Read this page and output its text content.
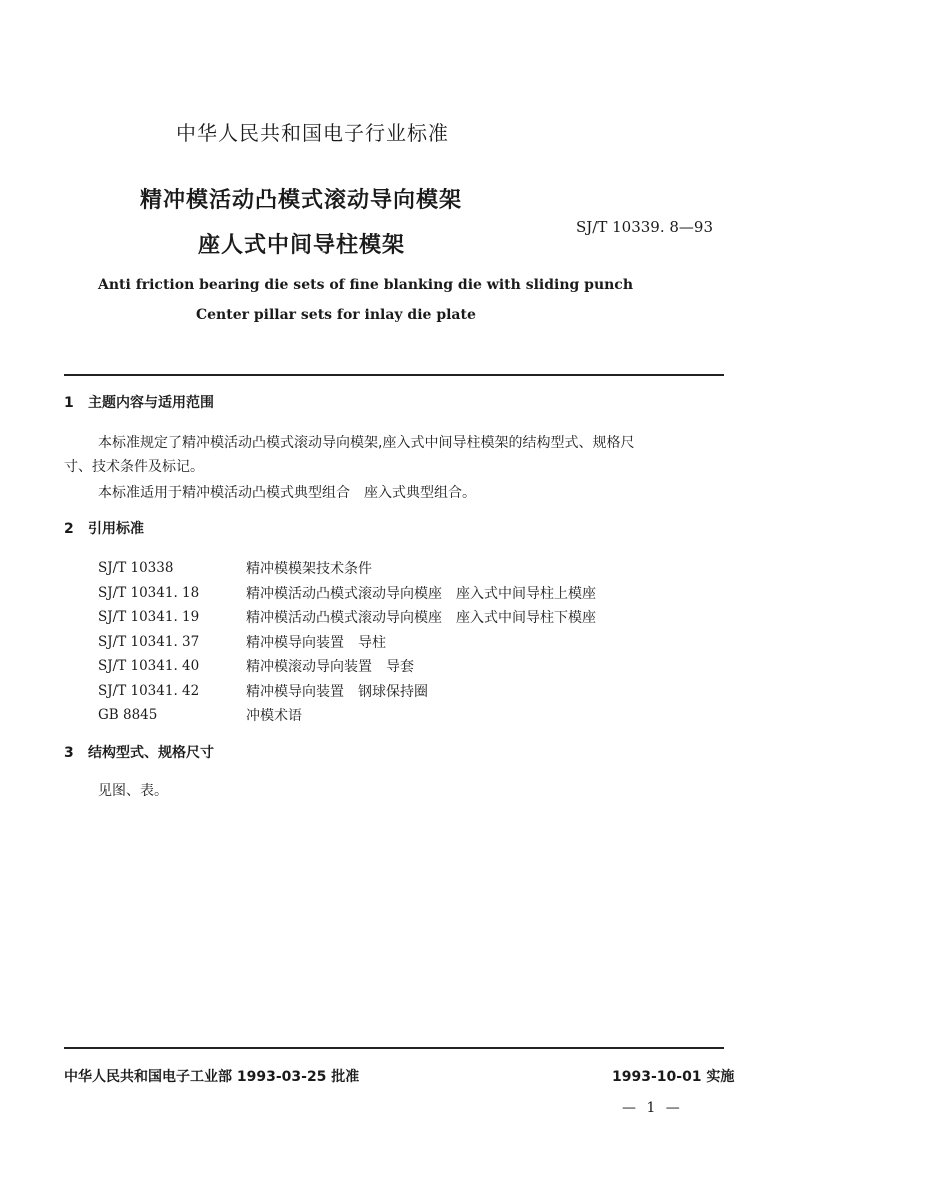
中华人民共和国电子行业标准
精冲模活动凸模式滚动导向模架
座人式中间导柱模架
SJ/T 10339. 8—93
Anti friction bearing die sets of fine blanking die with sliding punch
Center pillar sets for inlay die plate
1 主题内容与适用范围
本标准规定了精冲模活动凸模式滚动导向模架,座入式中间导柱模架的结构型式、规格尺
寸、技术条件及标记。
本标准适用于精冲模活动凸模式典型组合　座入式典型组合。
2 引用标准
SJ/T 10338	精冲模模架技术条件
SJ/T 10341. 18	精冲模活动凸模式滚动导向模座　座入式中间导柱上模座
SJ/T 10341. 19	精冲模活动凸模式滚动导向模座　座入式中间导柱下模座
SJ/T 10341. 37	精冲模导向装置　导柱
SJ/T 10341. 40	精冲模滚动导向装置　导套
SJ/T 10341. 42	精冲模导向装置　钢球保持圈
GB 8845	冲模术语
3 结构型式、规格尺寸
见图、表。
中华人民共和国电子工业部 1993-03-25 批准	1993-10-01 实施
— 1 —
